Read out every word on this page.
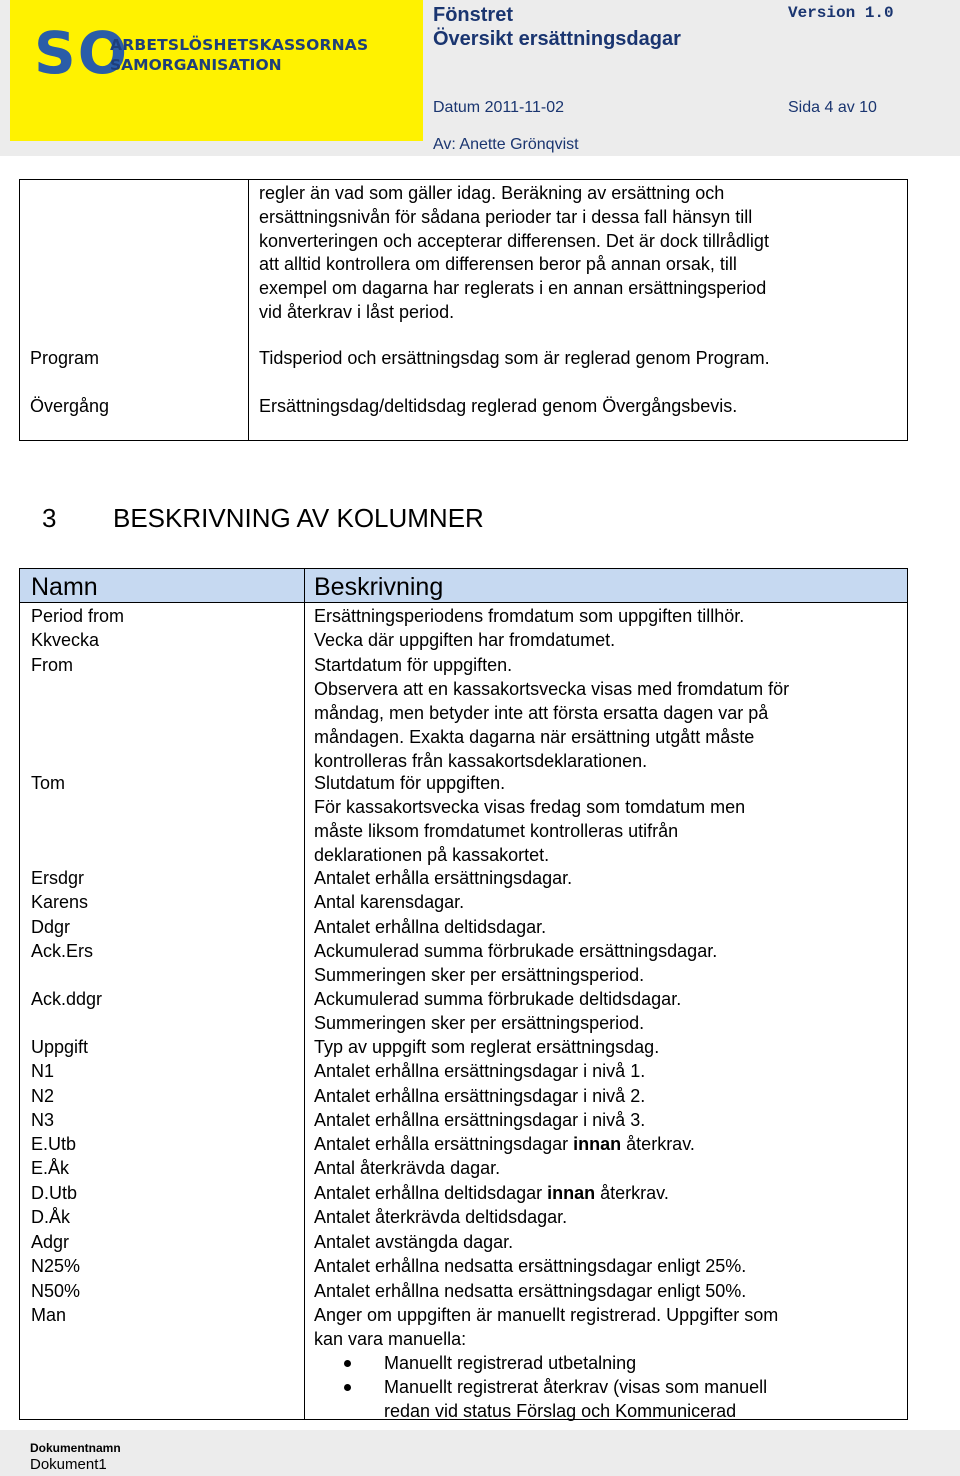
SO
ARBETSLÖSHETSKASSORNAS
SAMORGANISATION
Fönstret
Översikt ersättningsdagar
Version 1.0
Datum 2011-11-02	Sida 4 av 10
Av: Anette Grönqvist
regler än vad som gäller idag. Beräkning av ersättning och
ersättningsnivån för sådana perioder tar i dessa fall hänsyn till
konverteringen och accepterar differensen. Det är dock tillrådligt
att alltid kontrollera om differensen beror på annan orsak, till
exempel om dagarna har reglerats i en annan ersättningsperiod
vid återkrav i låst period.
Program	Tidsperiod och ersättningsdag som är reglerad genom Program.
Övergång	Ersättningsdag/deltidsdag reglerad genom Övergångsbevis.
3 BESKRIVNING AV KOLUMNER
Namn	Beskrivning
Period from	Ersättningsperiodens fromdatum som uppgiften tillhör.
Kkvecka	Vecka där uppgiften har fromdatumet.
From	Startdatum för uppgiften.
Observera att en kassakortsvecka visas med fromdatum för
måndag, men betyder inte att första ersatta dagen var på
måndagen. Exakta dagarna när ersättning utgått måste
kontrolleras från kassakortsdeklarationen.
Tom	Slutdatum för uppgiften.
För kassakortsvecka visas fredag som tomdatum men
måste liksom fromdatumet kontrolleras utifrån
deklarationen på kassakortet.
Ersdgr	Antalet erhålla ersättningsdagar.
Karens	Antal karensdagar.
Ddgr	Antalet erhållna deltidsdagar.
Ack.Ers	Ackumulerad summa förbrukade ersättningsdagar.
Summeringen sker per ersättningsperiod.
Ack.ddgr	Ackumulerad summa förbrukade deltidsdagar.
Summeringen sker per ersättningsperiod.
Uppgift	Typ av uppgift som reglerat ersättningsdag.
N1	Antalet erhållna ersättningsdagar i nivå 1.
N2	Antalet erhållna ersättningsdagar i nivå 2.
N3	Antalet erhållna ersättningsdagar i nivå 3.
E.Utb	Antalet erhålla ersättningsdagar innan återkrav.
E.Åk	Antal återkrävda dagar.
D.Utb	Antalet erhållna deltidsdagar innan återkrav.
D.Åk	Antalet återkrävda deltidsdagar.
Adgr	Antalet avstängda dagar.
N25%	Antalet erhållna nedsatta ersättningsdagar enligt 25%.
N50%	Antalet erhållna nedsatta ersättningsdagar enligt 50%.
Man	Anger om uppgiften är manuellt registrerad. Uppgifter som
kan vara manuella:
Manuellt registrerad utbetalning
Manuellt registrerat återkrav (visas som manuell
redan vid status Förslag och Kommunicerad
Dokumentnamn
Dokument1
